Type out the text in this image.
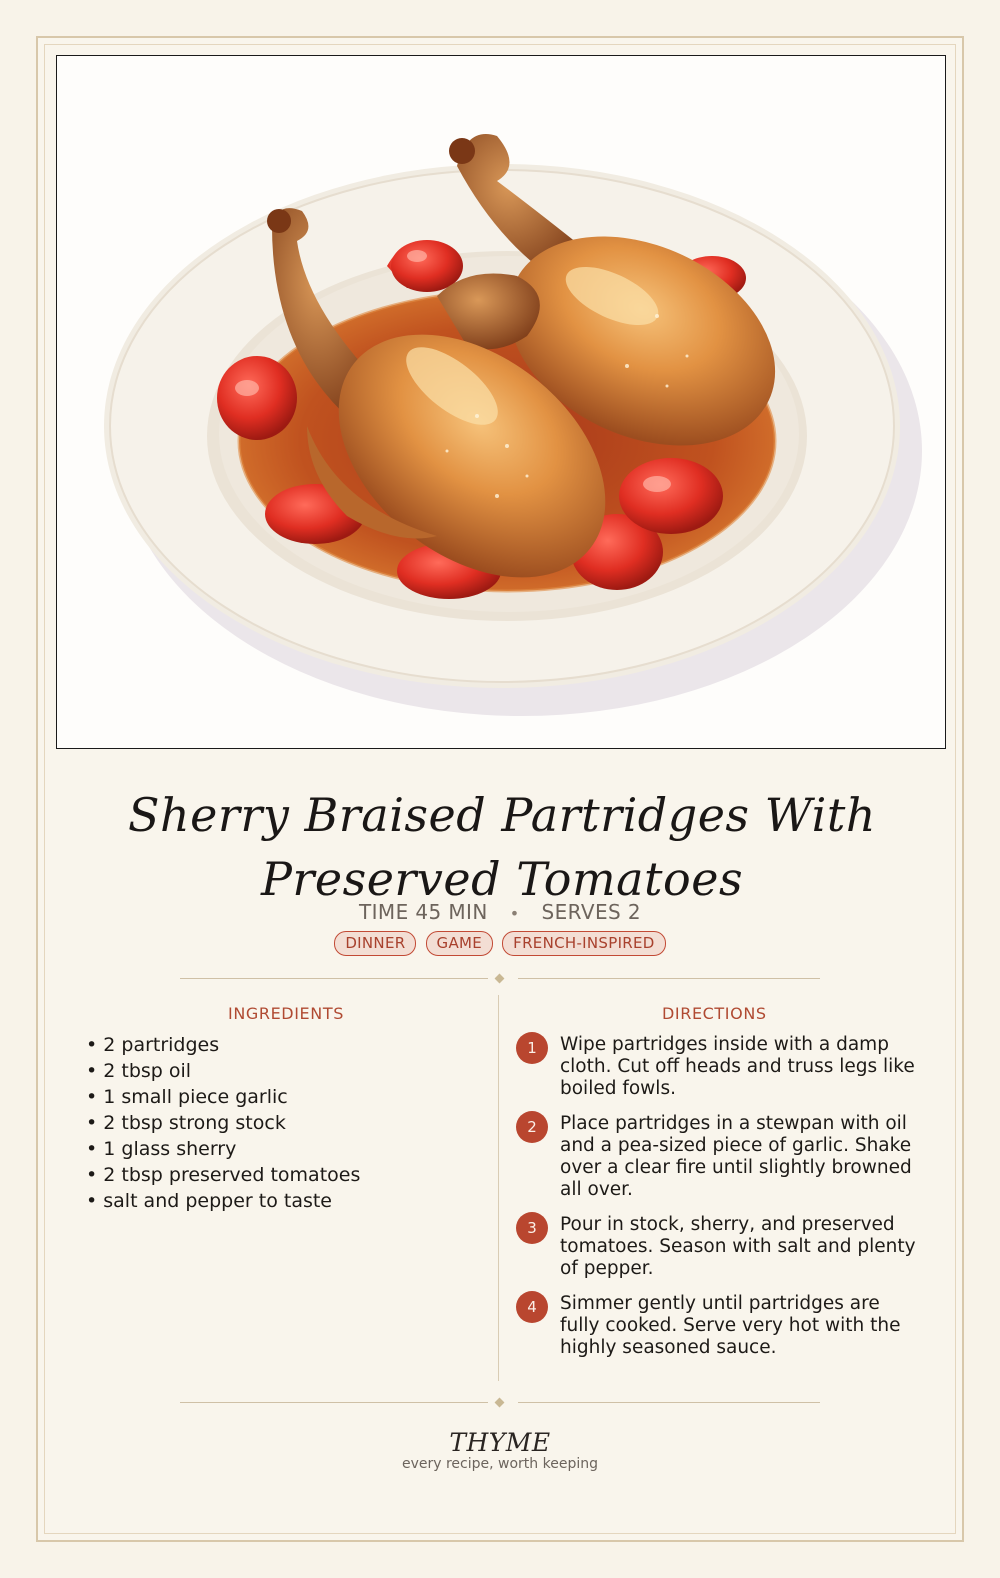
Sherry Braised Partridges With Preserved Tomatoes
TIME 45 MIN • SERVES 2
DINNER GAME FRENCH-INSPIRED
INGREDIENTS	DIRECTIONS
• 2 partridges
• 2 tbsp oil
• 1 small piece garlic
• 2 tbsp strong stock
• 1 glass sherry
• 2 tbsp preserved tomatoes
• salt and pepper to taste
1	Wipe partridges inside with a damp cloth. Cut off heads and truss legs like boiled fowls.
2	Place partridges in a stewpan with oil and a pea-sized piece of garlic. Shake over a clear fire until slightly browned all over.
3	Pour in stock, sherry, and preserved tomatoes. Season with salt and plenty of pepper.
4	Simmer gently until partridges are fully cooked. Serve very hot with the highly seasoned sauce.
THYME
every recipe, worth keeping
